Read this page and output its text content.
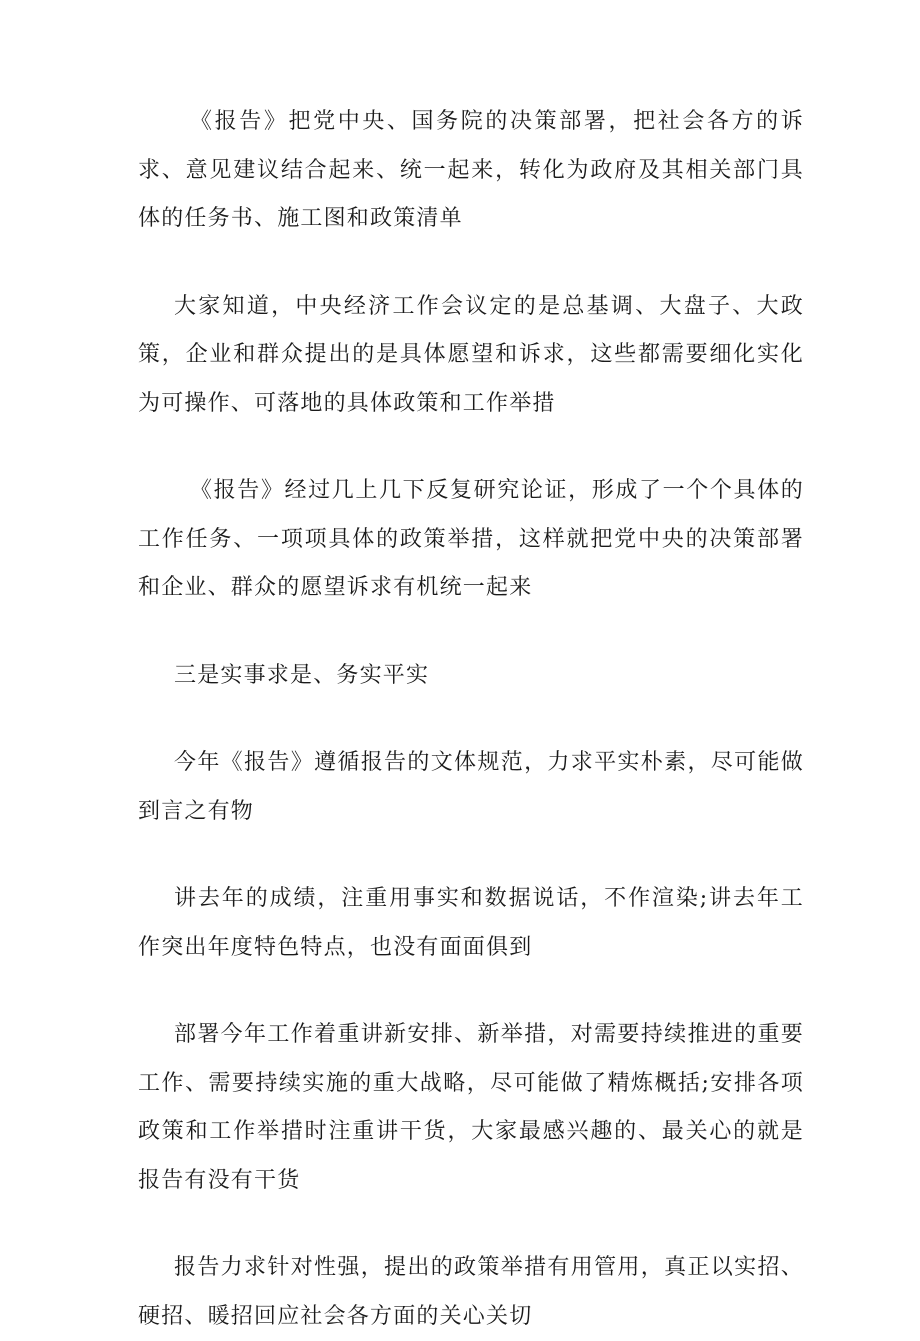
《报告》把党中央、国务院的决策部署，把社会各方的诉求、意见建议结合起来、统一起来，转化为政府及其相关部门具体的任务书、施工图和政策清单

大家知道，中央经济工作会议定的是总基调、大盘子、大政策，企业和群众提出的是具体愿望和诉求，这些都需要细化实化为可操作、可落地的具体政策和工作举措

《报告》经过几上几下反复研究论证，形成了一个个具体的工作任务、一项项具体的政策举措，这样就把党中央的决策部署和企业、群众的愿望诉求有机统一起来

三是实事求是、务实平实

今年《报告》遵循报告的文体规范，力求平实朴素，尽可能做到言之有物

讲去年的成绩，注重用事实和数据说话，不作渲染;讲去年工作突出年度特色特点，也没有面面俱到

部署今年工作着重讲新安排、新举措，对需要持续推进的重要工作、需要持续实施的重大战略，尽可能做了精炼概括;安排各项政策和工作举措时注重讲干货，大家最感兴趣的、最关心的就是报告有没有干货

报告力求针对性强，提出的政策举措有用管用，真正以实招、硬招、暖招回应社会各方面的关心关切
